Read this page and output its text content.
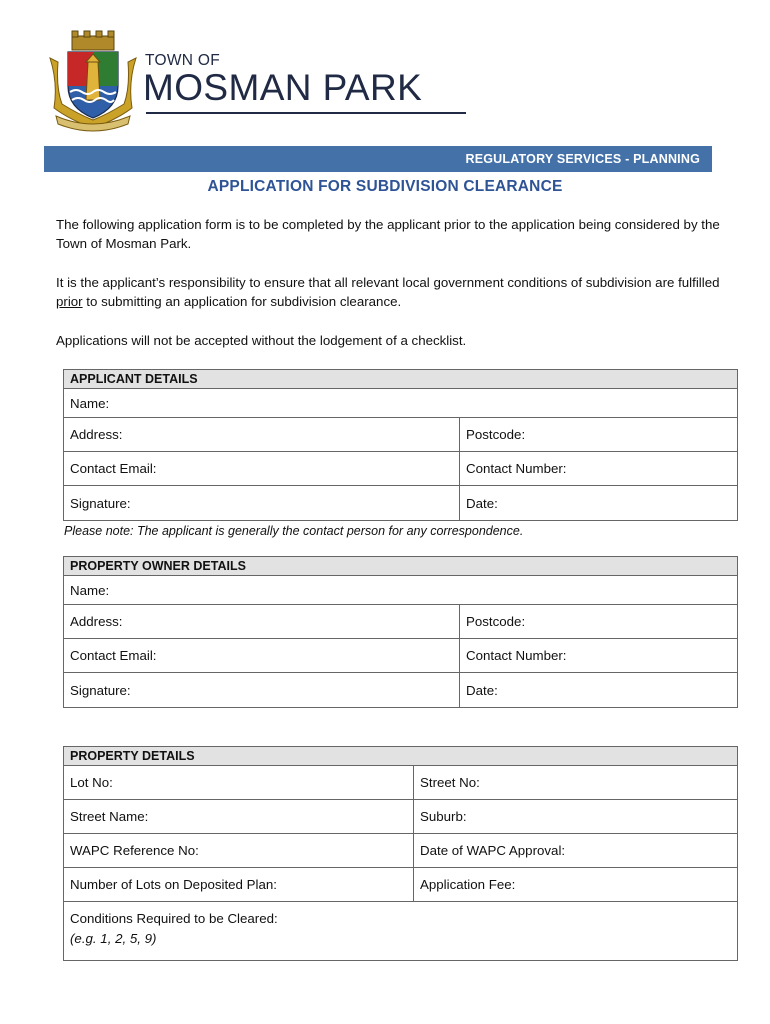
TOWN OF
MOSMAN PARK
REGULATORY SERVICES - PLANNING
APPLICATION FOR SUBDIVISION CLEARANCE

The following application form is to be completed by the applicant prior to the application being considered by the Town of Mosman Park.

It is the applicant’s responsibility to ensure that all relevant local government conditions of subdivision are fulfilled prior to submitting an application for subdivision clearance.

Applications will not be accepted without the lodgement of a checklist.

APPLICANT DETAILS
Name:
Address:	Postcode:
Contact Email:	Contact Number:
Signature:	Date:
Please note: The applicant is generally the contact person for any correspondence.
PROPERTY OWNER DETAILS
Name:
Address:	Postcode:
Contact Email:	Contact Number:
Signature:	Date:
PROPERTY DETAILS
Lot No:	Street No:
Street Name:	Suburb:
WAPC Reference No:	Date of WAPC Approval:
Number of Lots on Deposited Plan:	Application Fee:
Conditions Required to be Cleared:
(e.g. 1, 2, 5, 9)
